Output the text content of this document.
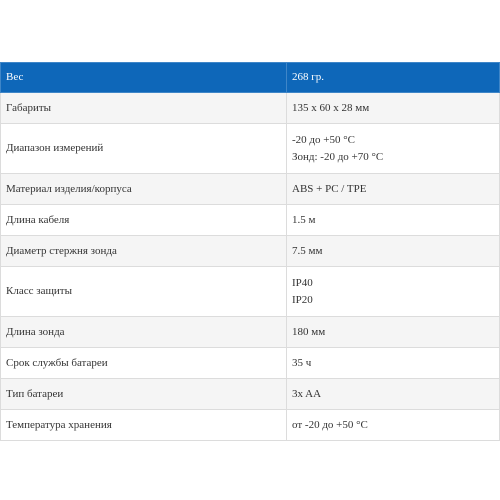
Вес	268 гр.

Габариты	135 x 60 x 28 мм

Диапазон измерений	-20 до +50 °C
Зонд: -20 до +70 °C

Материал изделия/корпуса	ABS + PC / TPE

Длина кабеля	1.5 м

Диаметр стержня зонда	7.5 мм

Класс защиты	IP40
IP20

Длина зонда	180 мм

Срок службы батареи	35 ч

Тип батареи	3x AA

Температура хранения	от -20 до +50 °C
